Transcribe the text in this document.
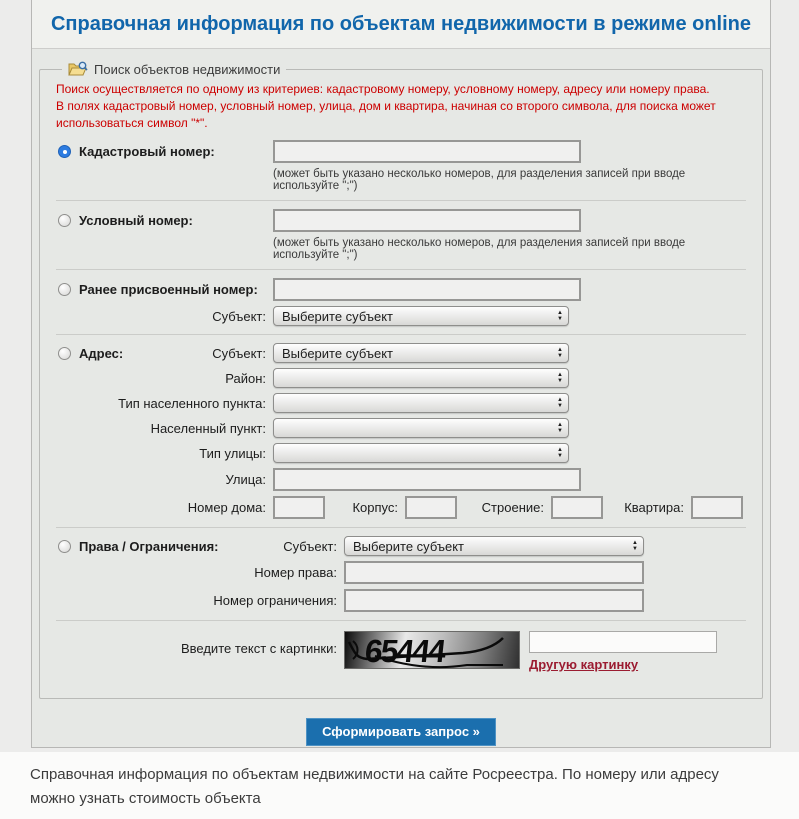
Справочная информация по объектам недвижимости в режиме online
Поиск объектов недвижимости
Поиск осуществляется по одному из критериев: кадастровому номеру, условному номеру, адресу или номеру права.
В полях кадастровый номер, условный номер, улица, дом и квартира, начиная со второго символа, для поиска может использоваться символ "*".
Кадастровый номер:
(может быть указано несколько номеров, для разделения записей при вводе используйте ";")
Условный номер:
(может быть указано несколько номеров, для разделения записей при вводе используйте ";")
Ранее присвоенный номер:
Субъект:	Выберите субъект	▲
▼
Адрес:	Субъект:	Выберите субъект	▲
▼
Район:	▲
▼
Тип населенного пункта:	▲
▼
Населенный пункт:	▲
▼
Тип улицы:	▲
▼
Улица:
Номер дома:	Корпус:	Строение:	Квартира:
Права / Ограничения:	Субъект:	Выберите субъект	▲
▼
Номер права:
Номер ограничения:
Введите текст с картинки: 65444	Другую картинку
Сформировать запрос »
Справочная информация по объектам недвижимости на сайте Росреестра. По номеру или адресу можно узнать стоимость объекта
